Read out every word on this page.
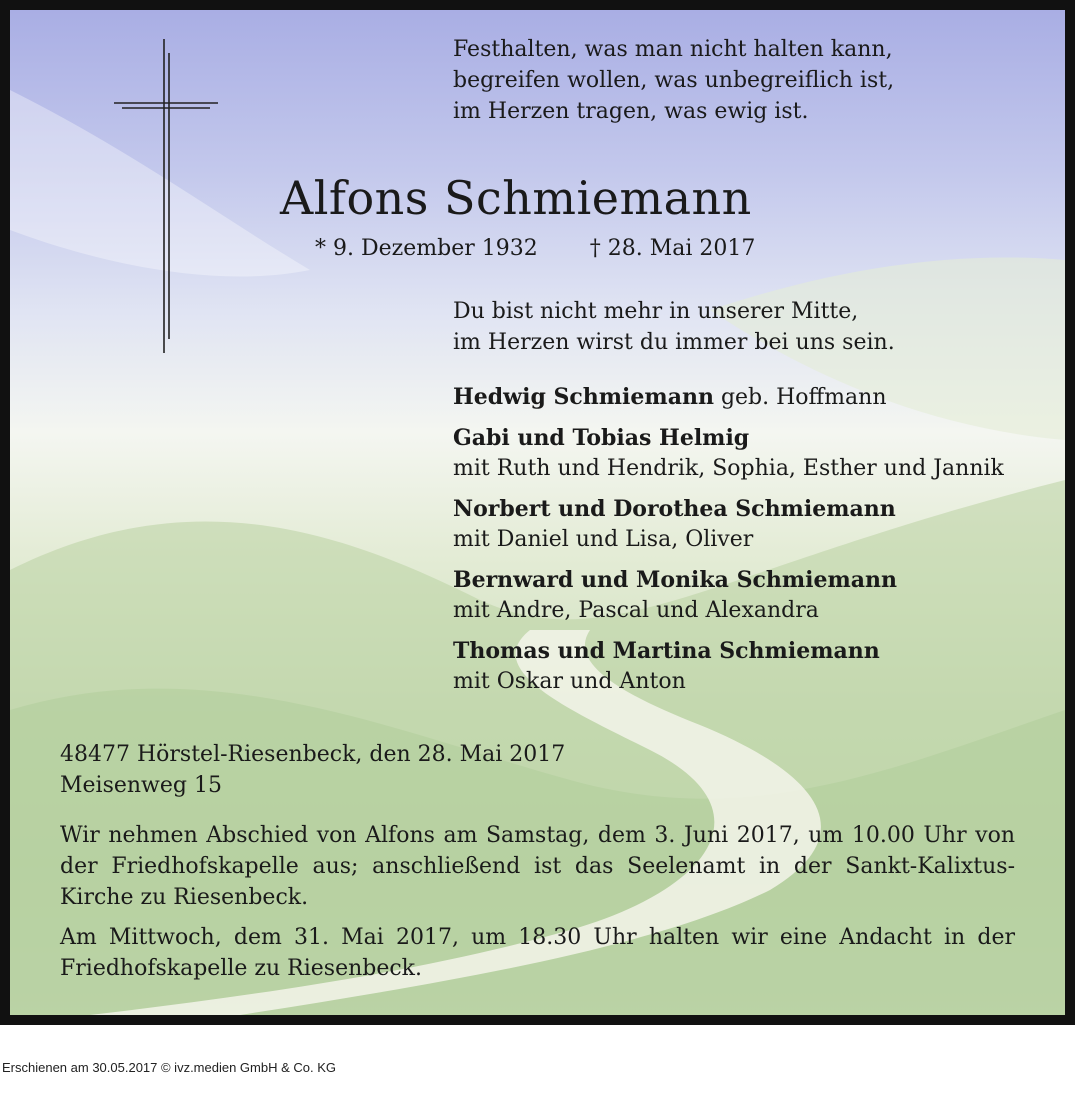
Festhalten, was man nicht halten kann,
begreifen wollen, was unbegreiflich ist,
im Herzen tragen, was ewig ist.
Alfons Schmiemann
* 9. Dezember 1932 † 28. Mai 2017
Du bist nicht mehr in unserer Mitte,
im Herzen wirst du immer bei uns sein.
Hedwig Schmiemann geb. Hoffmann
Gabi und Tobias Helmig
mit Ruth und Hendrik, Sophia, Esther und Jannik
Norbert und Dorothea Schmiemann
mit Daniel und Lisa, Oliver
Bernward und Monika Schmiemann
mit Andre, Pascal und Alexandra
Thomas und Martina Schmiemann
mit Oskar und Anton
48477 Hörstel-Riesenbeck, den 28. Mai 2017
Meisenweg 15

Wir nehmen Abschied von Alfons am Samstag, dem 3. Juni 2017, um 10.00 Uhr von der Friedhofskapelle aus; anschließend ist das Seelenamt in der Sankt-Kalixtus-Kirche zu Riesenbeck.

Am Mittwoch, dem 31. Mai 2017, um 18.30 Uhr halten wir eine Andacht in der Friedhofskapelle zu Riesenbeck.

Erschienen am 30.05.2017 © ivz.medien GmbH & Co. KG
